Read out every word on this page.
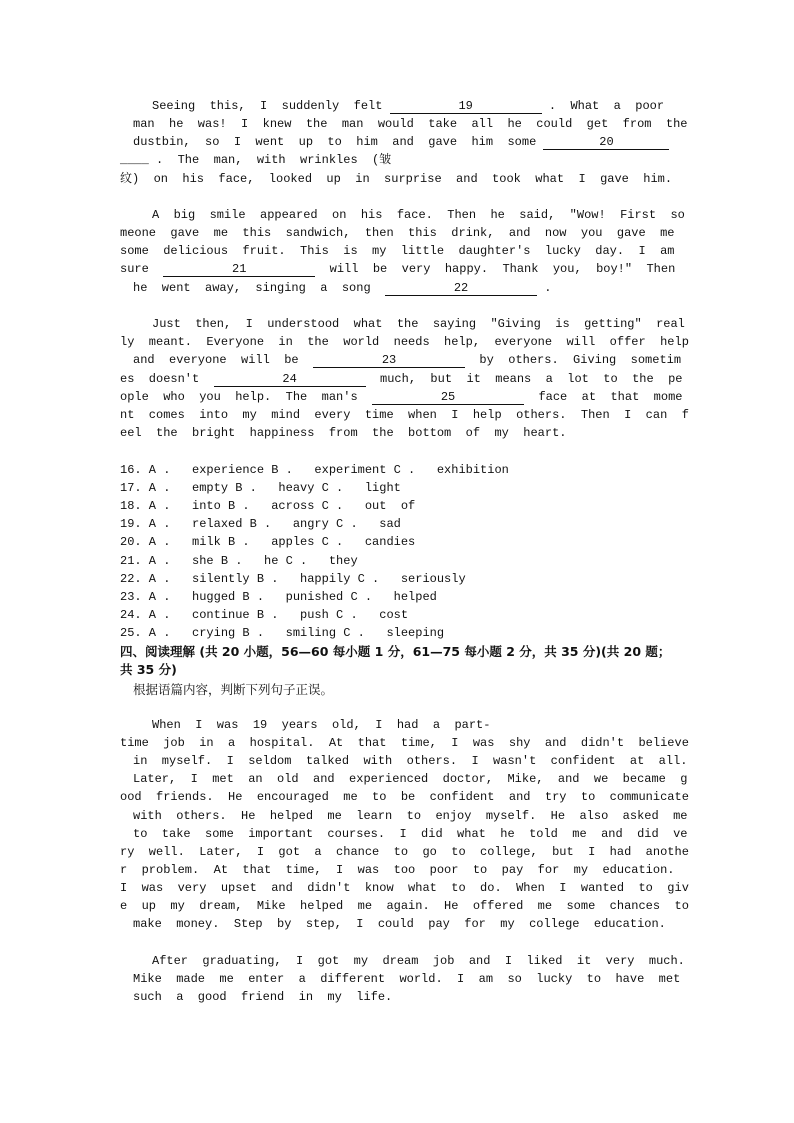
Seeing  this,  I  suddenly  felt	19	.  What  a  poor
man  he  was!  I  knew  the  man  would  take  all  he  could  get  from  the
dustbin,  so  I  went  up  to  him  and  gave  him  some	20
____ .  The  man,  with  wrinkles  (皱
纹)  on  his  face,  looked  up  in  surprise  and  took  what  I  gave  him.
A  big  smile  appeared  on  his  face.  Then  he  said,  "Wow!  First  so
meone  gave  me  this  sandwich,  then  this  drink,  and  now  you  gave  me
some  delicious  fruit.  This  is  my  little  daughter's  lucky  day.  I  am
sure	21	will  be  very  happy.  Thank  you,  boy!"  Then
he  went  away,  singing  a  song	22	.
Just  then,  I  understood  what  the  saying  "Giving  is  getting"  real
ly  meant.  Everyone  in  the  world  needs  help,  everyone  will  offer  help
and  everyone  will  be	23	by  others.  Giving  sometim
es  doesn't	24	much,  but  it  means  a  lot  to  the  pe
ople  who  you  help.  The  man's	25	face  at  that  mome
nt  comes  into  my  mind  every  time  when  I  help  others.  Then  I  can  f
eel  the  bright  happiness  from  the  bottom  of  my  heart.
16. A .   experience B .   experiment C .   exhibition
17. A .   empty B .   heavy C .   light
18. A .   into B .   across C .   out  of
19. A .   relaxed B .   angry C .   sad
20. A .   milk B .   apples C .   candies
21. A .   she B .   he C .   they
22. A .   silently B .   happily C .   seriously
23. A .   hugged B .   punished C .   helped
24. A .   continue B .   push C .   cost
25. A .   crying B .   smiling C .   sleeping
四、阅读理解 (共 20 小题，56—60 每小题 1 分，61—75 每小题 2 分，共 35 分)(共 20 题；共 35 分)
根据语篇内容，判断下列句子正误。
When  I  was  19  years  old,  I  had  a  part-
time  job  in  a  hospital.  At  that  time,  I  was  shy  and  didn't  believe
in  myself.  I  seldom  talked  with  others.  I  wasn't  confident  at  all.
Later,  I  met  an  old  and  experienced  doctor,  Mike,  and  we  became  g
ood  friends.  He  encouraged  me  to  be  confident  and  try  to  communicate
with  others.  He  helped  me  learn  to  enjoy  myself.  He  also  asked  me
to  take  some  important  courses.  I  did  what  he  told  me  and  did  ve
ry  well.  Later,  I  got  a  chance  to  go  to  college,  but  I  had  anothe
r  problem.  At  that  time,  I  was  too  poor  to  pay  for  my  education.
I  was  very  upset  and  didn't  know  what  to  do.  When  I  wanted  to  giv
e  up  my  dream,  Mike  helped  me  again.  He  offered  me  some  chances  to
make  money.  Step  by  step,  I  could  pay  for  my  college  education.
After  graduating,  I  got  my  dream  job  and  I  liked  it  very  much.
Mike  made  me  enter  a  different  world.  I  am  so  lucky  to  have  met
such  a  good  friend  in  my  life.
